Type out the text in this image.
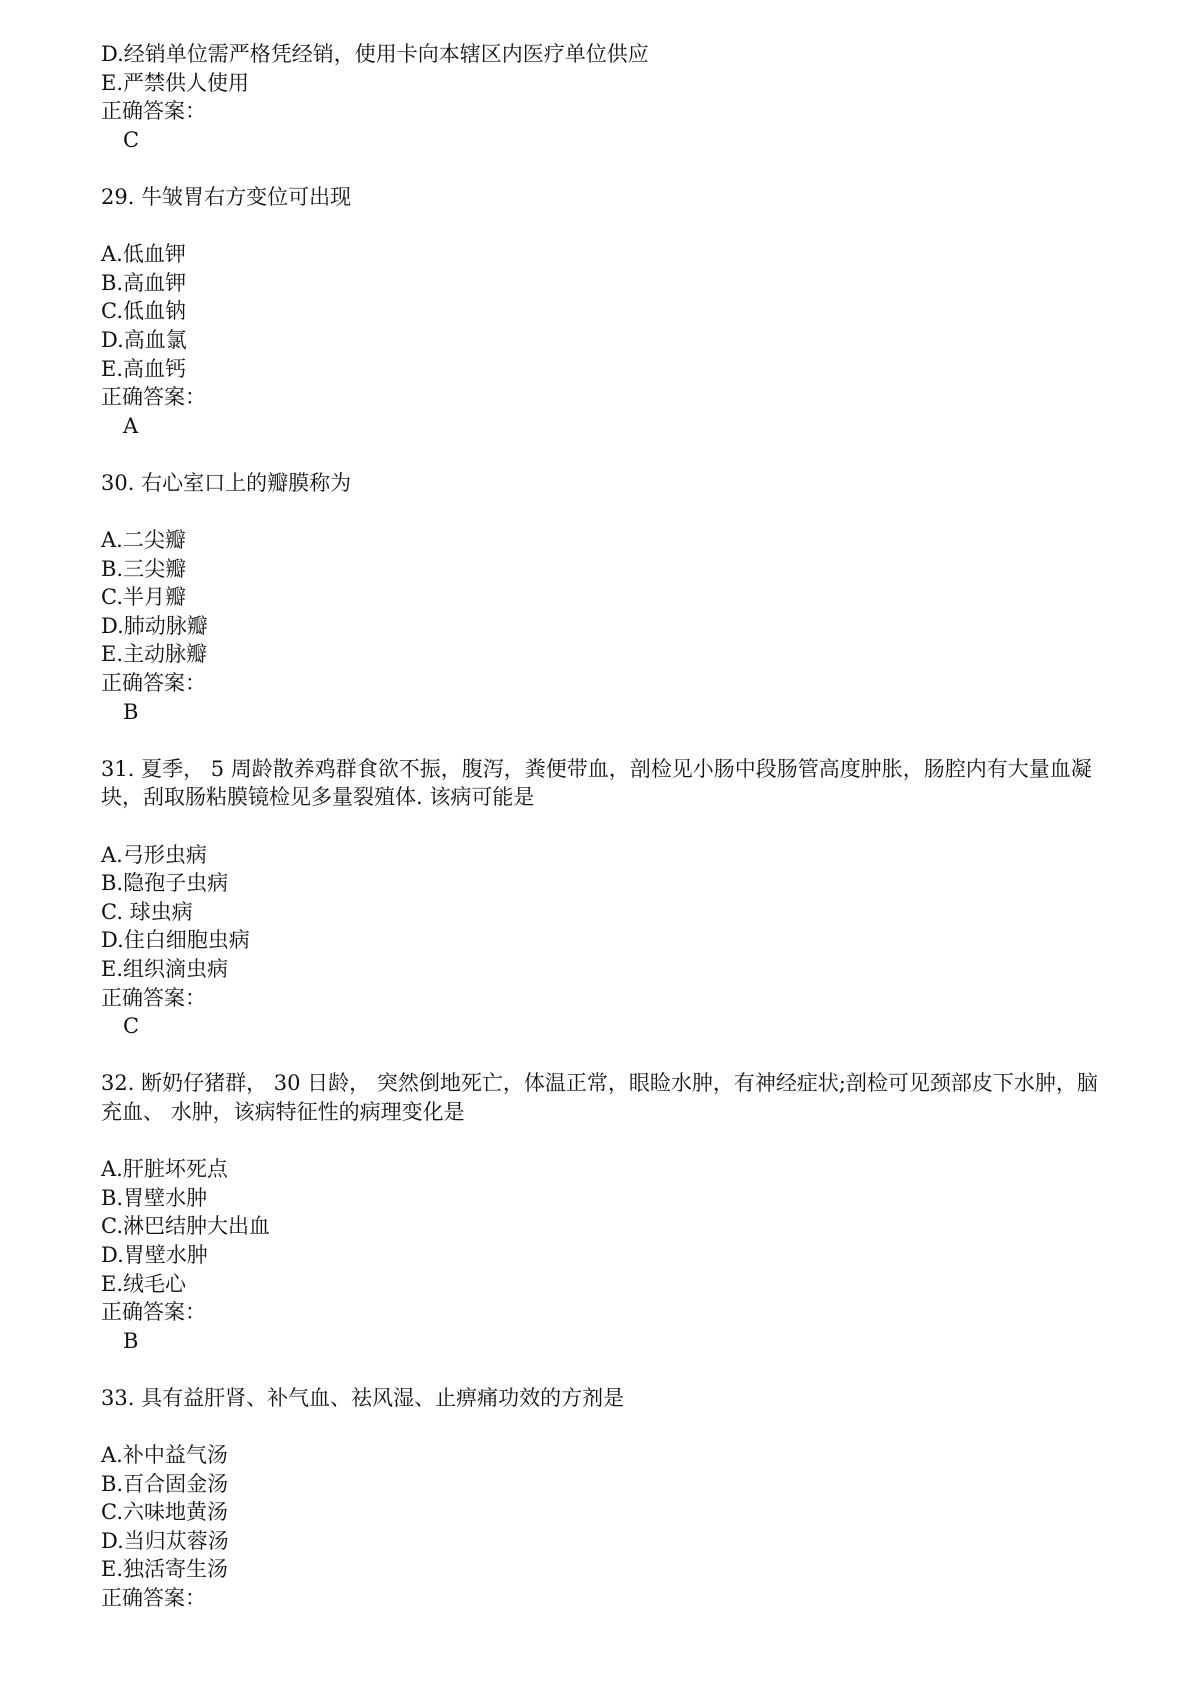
D.经销单位需严格凭经销，使用卡向本辖区内医疗单位供应
E.严禁供人使用
正确答案：
C
29. 牛皱胃右方变位可出现
A.低血钾
B.高血钾
C.低血钠
D.高血氯
E.高血钙
正确答案：
A
30. 右心室口上的瓣膜称为
A.二尖瓣
B.三尖瓣
C.半月瓣
D.肺动脉瓣
E.主动脉瓣
正确答案：
B
31. 夏季， 5 周龄散养鸡群食欲不振，腹泻，粪便带血，剖检见小肠中段肠管高度肿胀，肠腔内有大量血凝块，刮取肠粘膜镜检见多量裂殖体. 该病可能是
A.弓形虫病
B.隐孢子虫病
C. 球虫病
D.住白细胞虫病
E.组织滴虫病
正确答案：
C
32. 断奶仔猪群， 30 日龄， 突然倒地死亡，体温正常，眼睑水肿，有神经症状;剖检可见颈部皮下水肿，脑充血、 水肿，该病特征性的病理变化是
A.肝脏坏死点
B.胃壁水肿
C.淋巴结肿大出血
D.胃壁水肿
E.绒毛心
正确答案：
B
33. 具有益肝肾、补气血、祛风湿、止痹痛功效的方剂是
A.补中益气汤
B.百合固金汤
C.六味地黄汤
D.当归苁蓉汤
E.独活寄生汤
正确答案：
